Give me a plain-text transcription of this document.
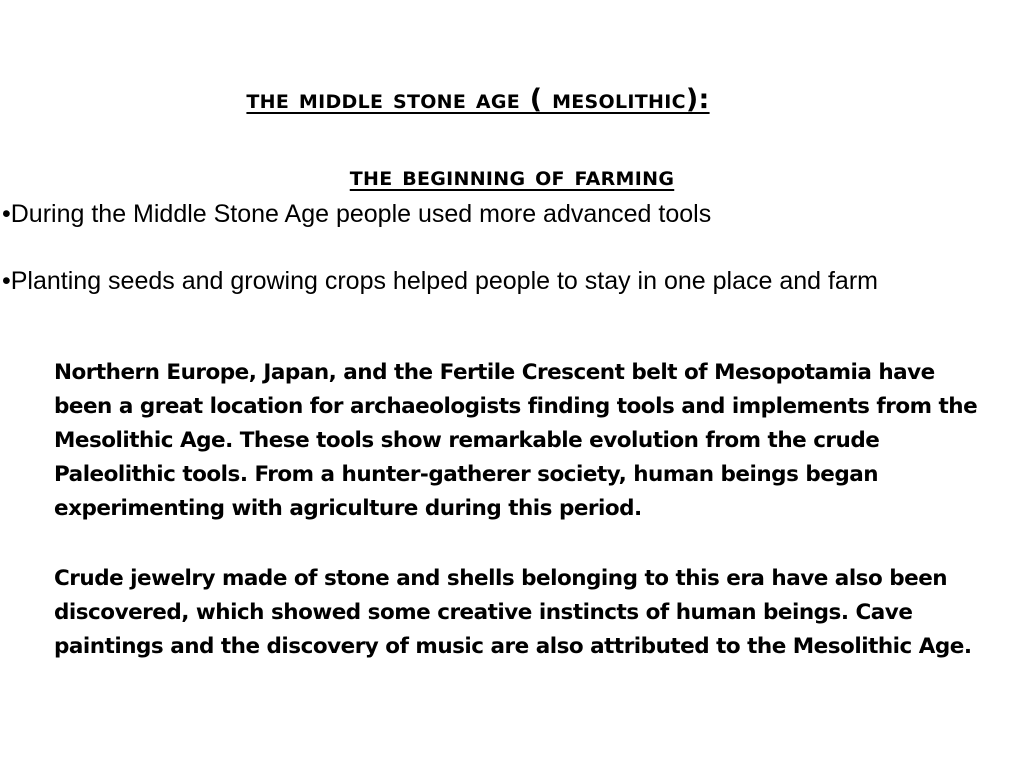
the middle stone age ( mesolithic):
the beginning of farming
•During the Middle Stone Age people used more advanced tools
•Planting seeds and growing crops helped people to stay in one place and farm

Northern Europe, Japan, and the Fertile Crescent belt of Mesopotamia have been a great location for archaeologists finding tools and implements from the Mesolithic Age. These tools show remarkable evolution from the crude Paleolithic tools. From a hunter-gatherer society, human beings began experimenting with agriculture during this period.

Crude jewelry made of stone and shells belonging to this era have also been discovered, which showed some creative instincts of human beings. Cave paintings and the discovery of music are also attributed to the Mesolithic Age.
